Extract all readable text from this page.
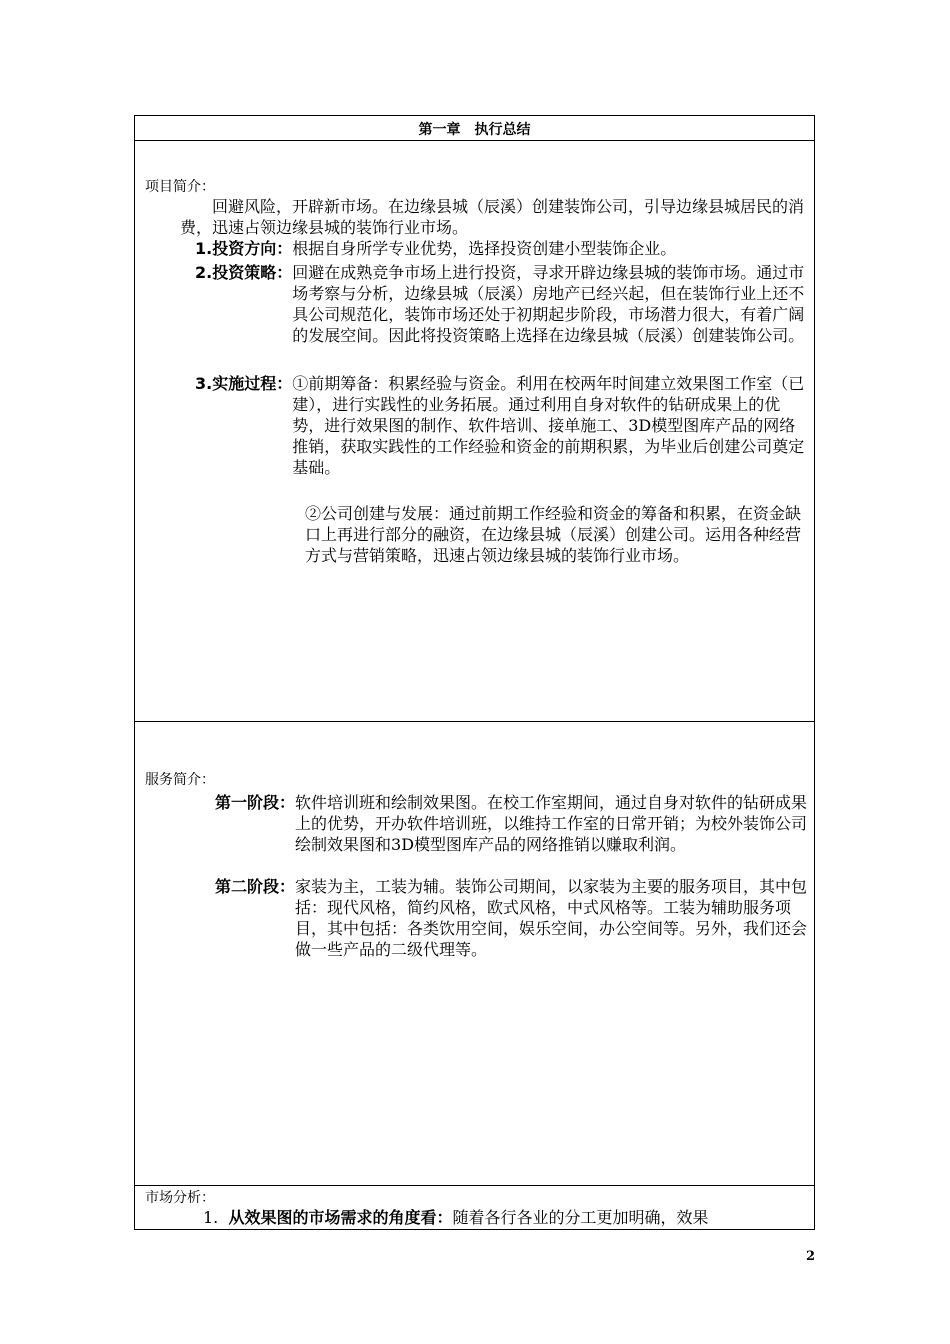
第一章　执行总结
项目简介：
回避风险，开辟新市场。在边缘县城（辰溪）创建装饰公司，引导边缘县城居民的消费，迅速占领边缘县城的装饰行业市场。
1.投资方向： 根据自身所学专业优势，选择投资创建小型装饰企业。
2.投资策略： 回避在成熟竞争市场上进行投资，寻求开辟边缘县城的装饰市场。通过市场考察与分析，边缘县城（辰溪）房地产已经兴起，但在装饰行业上还不具公司规范化，装饰市场还处于初期起步阶段，市场潜力很大，有着广阔的发展空间。因此将投资策略上选择在边缘县城（辰溪）创建装饰公司。
3.实施过程： ①前期筹备：积累经验与资金。利用在校两年时间建立效果图工作室（已建），进行实践性的业务拓展。通过利用自身对软件的钻研成果上的优势，进行效果图的制作、软件培训、接单施工、3D模型图库产品的网络推销，获取实践性的工作经验和资金的前期积累，为毕业后创建公司奠定基础。
②公司创建与发展：通过前期工作经验和资金的筹备和积累，在资金缺口上再进行部分的融资，在边缘县城（辰溪）创建公司。运用各种经营方式与营销策略，迅速占领边缘县城的装饰行业市场。
服务简介：
第一阶段： 软件培训班和绘制效果图。在校工作室期间，通过自身对软件的钻研成果上的优势，开办软件培训班，以维持工作室的日常开销；为校外装饰公司绘制效果图和3D模型图库产品的网络推销以赚取利润。
第二阶段： 家装为主，工装为辅。装饰公司期间，以家装为主要的服务项目，其中包括：现代风格，简约风格，欧式风格，中式风格等。工装为辅助服务项目，其中包括：各类饮用空间，娱乐空间，办公空间等。另外，我们还会做一些产品的二级代理等。
市场分析：
1. 从效果图的市场需求的角度看：随着各行各业的分工更加明确，效果
2
